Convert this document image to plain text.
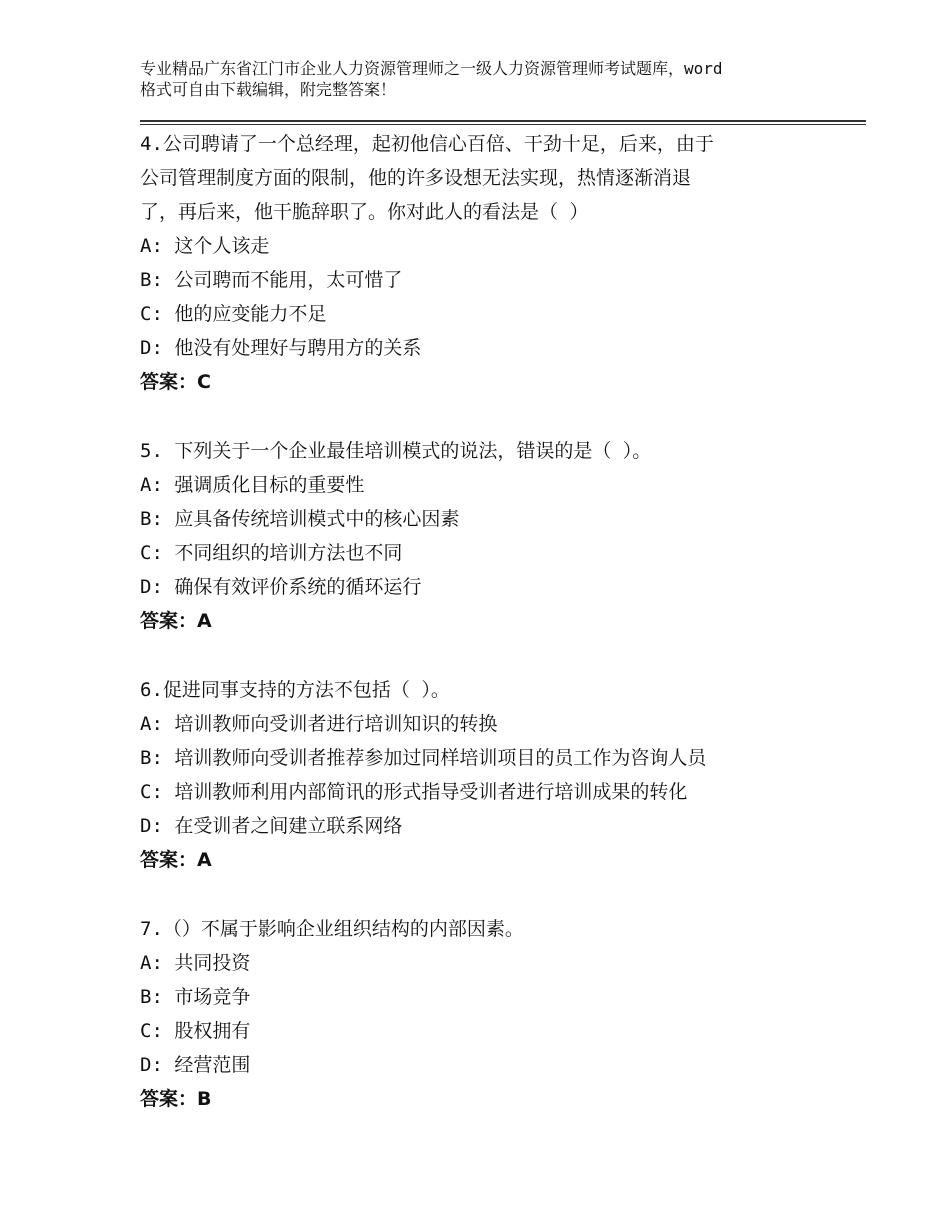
专业精品广东省江门市企业人力资源管理师之一级人力资源管理师考试题库，word
格式可自由下载编辑，附完整答案！
4.公司聘请了一个总经理，起初他信心百倍、干劲十足，后来，由于
公司管理制度方面的限制，他的许多设想无法实现，热情逐渐消退
了，再后来，他干脆辞职了。你对此人的看法是（ ）
A: 这个人该走
B: 公司聘而不能用，太可惜了
C: 他的应变能力不足
D: 他没有处理好与聘用方的关系
答案：C
5. 下列关于一个企业最佳培训模式的说法，错误的是（ ）。
A: 强调质化目标的重要性
B: 应具备传统培训模式中的核心因素
C: 不同组织的培训方法也不同
D: 确保有效评价系统的循环运行
答案：A
6.促进同事支持的方法不包括（ ）。
A: 培训教师向受训者进行培训知识的转换
B: 培训教师向受训者推荐参加过同样培训项目的员工作为咨询人员
C: 培训教师利用内部简讯的形式指导受训者进行培训成果的转化
D: 在受训者之间建立联系网络
答案：A
7.（）不属于影响企业组织结构的内部因素。
A: 共同投资
B: 市场竞争
C: 股权拥有
D: 经营范围
答案：B
